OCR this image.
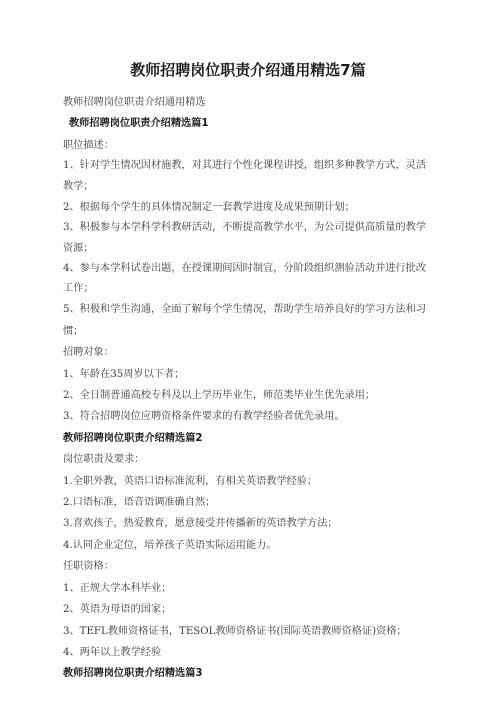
教师招聘岗位职责介绍通用精选7篇

教师招聘岗位职责介绍通用精选

教师招聘岗位职责介绍精选篇1

职位描述：

1、针对学生情况因材施教，对其进行个性化课程讲授，组织多种教学方式，灵活教学；

2、根据每个学生的具体情况制定一套教学进度及成果预期计划；

3、积极参与本学科学科教研活动，不断提高教学水平，为公司提供高质量的教学资源；

4、参与本学科试卷出题，在授课期间因时制宜，分阶段组织测验活动并进行批改工作；

5、积极和学生沟通，全面了解每个学生情况，帮助学生培养良好的学习方法和习惯；

招聘对象：

1、年龄在35周岁以下者；

2、全日制普通高校专科及以上学历毕业生，师范类毕业生优先录用；

3、符合招聘岗位应聘资格条件要求的有教学经验者优先录用。

教师招聘岗位职责介绍精选篇2

岗位职责及要求：

1.全职外教，英语口语标准流利，有相关英语教学经验；

2.口语标准，语音语调准确自然；

3.喜欢孩子，热爱教育，愿意接受并传播新的英语教学方法；

4.认同企业定位，培养孩子英语实际运用能力。

任职资格：

1、正规大学本科毕业；

2、英语为母语的国家；

3、TEFL教师资格证书，TESOL教师资格证书(国际英语教师资格证)资格；

4、两年以上教学经验

教师招聘岗位职责介绍精选篇3
